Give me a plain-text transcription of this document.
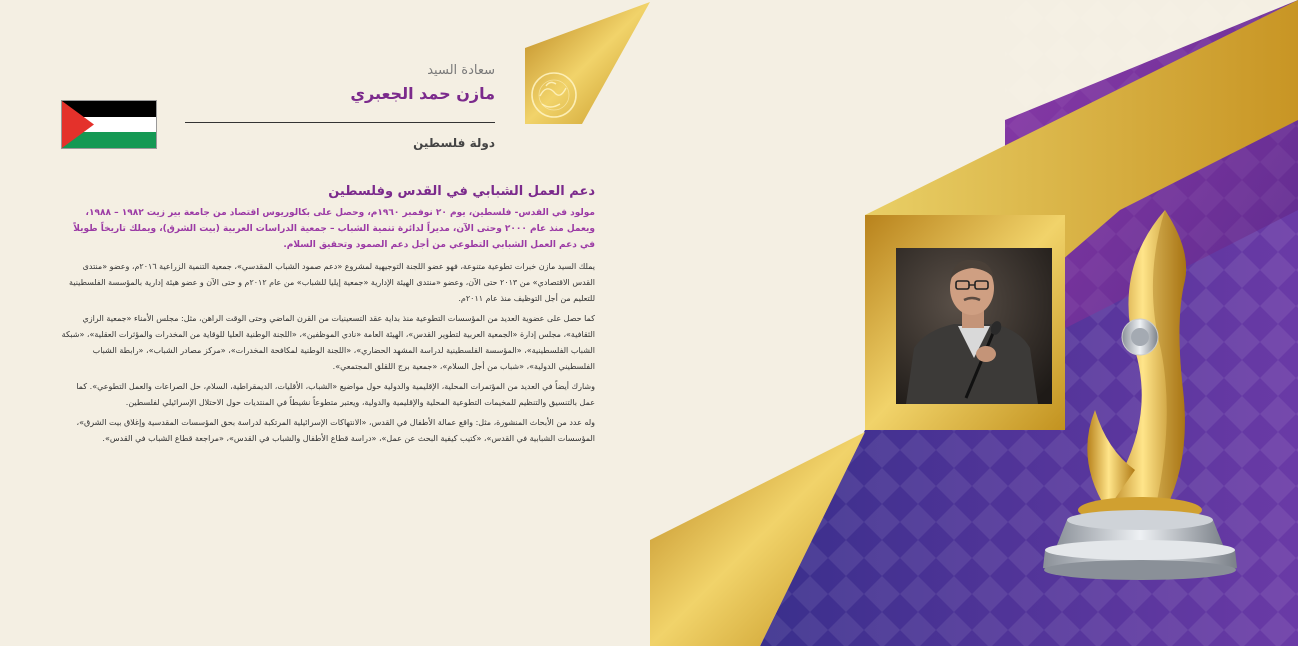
سعادة السيد
مازن حمد الجعبري
دولة فلسطين

دعم العمل الشبابي في القدس وفلسطين

مولود في القدس- فلسطين، يوم ٢٠ نوفمبر ١٩٦٠م، وحصل على بكالوريوس اقتصاد من جامعة بير زيت ١٩٨٢ – ١٩٨٨، ويعمل منذ عام ٢٠٠٠ وحتى الآن، مديراً لدائرة تنمية الشباب – جمعية الدراسات العربية (بيت الشرق)، ويملك تاريخاً طويلاً في دعم العمل الشبابي التطوعي من أجل دعم الصمود وتحقيق السلام.

يملك السيد مازن خبرات تطوعية متنوعة، فهو عضو اللجنة التوجيهية لمشروع «دعم صمود الشباب المقدسي»، جمعية التنمية الزراعية ٢٠١٦م، وعضو «منتدى القدس الاقتصادي» من ٢٠١٣ حتى الآن، وعضو «منتدى الهيئة الإدارية «جمعية إيليا للشباب» من عام ٢٠١٢م و حتى الآن و عضو هيئة إدارية بالمؤسسة الفلسطينية للتعليم من أجل التوظيف منذ عام ٢٠١١م.

كما حصل على عضوية العديد من المؤسسات التطوعية منذ بداية عقد التسعينيات من القرن الماضي وحتى الوقت الراهن، مثل: مجلس الأمناء «جمعية الرازي الثقافية»، مجلس إدارة «الجمعية العربية لتطوير القدس»، الهيئة العامة «نادي الموظفين»، «اللجنة الوطنية العليا للوقاية من المخدرات والمؤثرات العقلية»، «شبكة الشباب الفلسطينية»، «المؤسسة الفلسطينية لدراسة المشهد الحضاري»، «اللجنة الوطنية لمكافحة المخدرات»، «مركز مصادر الشباب»، «رابطة الشباب الفلسطيني الدولية»، «شباب من أجل السلام»، «جمعية برج اللقلق المجتمعي».

وشارك أيضاً في العديد من المؤتمرات المحلية، الإقليمية والدولية حول مواضيع «الشباب، الأقليات، الديمقراطية، السلام، حل الصراعات والعمل التطوعي». كما عمل بالتنسيق والتنظيم للمخيمات التطوعية المحلية والإقليمية والدولية، ويعتبر متطوعاً نشيطاً في المنتديات حول الاحتلال الإسرائيلي لفلسطين.

وله عدد من الأبحاث المنشورة، مثل: واقع عمالة الأطفال في القدس، «الانتهاكات الإسرائيلية المرتكبة لدراسة بحق المؤسسات المقدسية وإغلاق بيت الشرق»، المؤسسات الشبابية في القدس»، «كتيب كيفية البحث عن عمل»، «دراسة قطاع الأطفال والشباب في القدس»، «مراجعة قطاع الشباب في القدس».
